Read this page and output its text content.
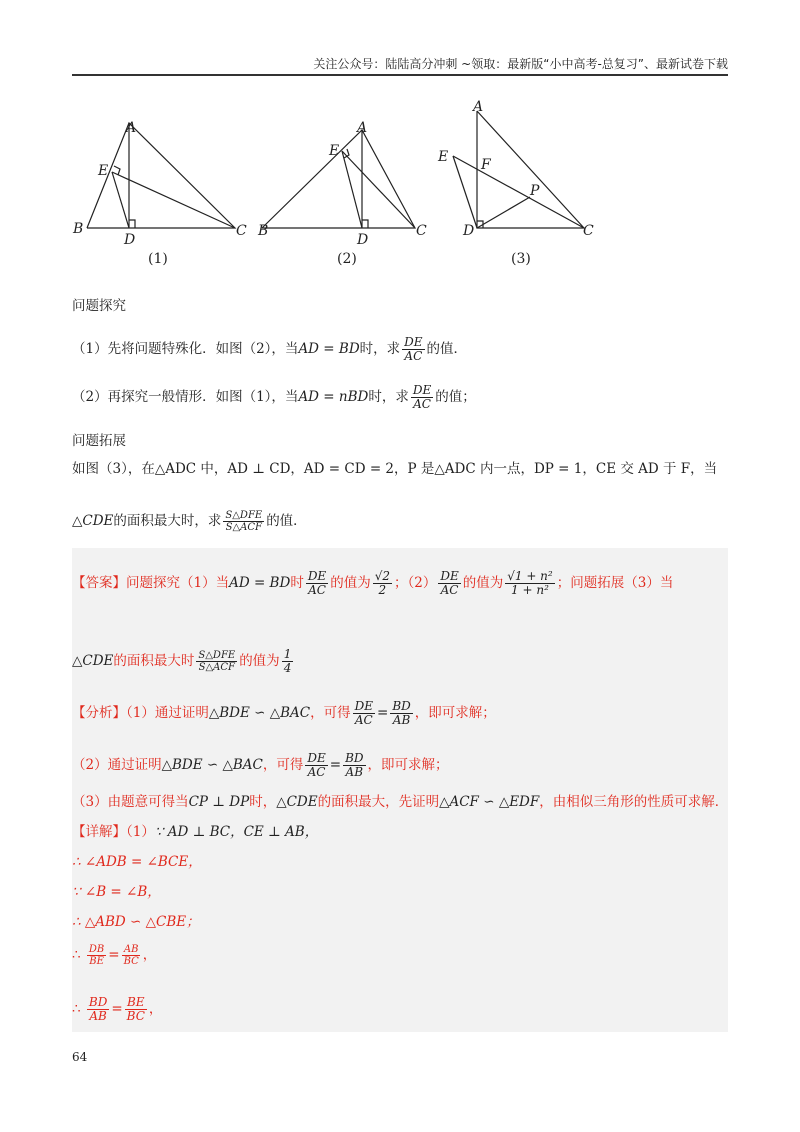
关注公众号：陆陆高分冲刺 ~领取：最新版“小中高考-总复习”、最新试卷下载
A
B	C
D
E
A
B	C
D
E
A
C
D
E F
P
(1)	(2)	(3)
问题探究
（1）先将问题特殊化．如图（2），当AD = BD时，求 $\frac{DE}{AC}$ 的值．
（2）再探究一般情形．如图（1），当AD = nBD时，求 $\frac{DE}{AC}$ 的值；
问题拓展
如图（3），在△ADC 中，AD ⊥ CD，AD = CD = 2，P 是△ADC 内一点，DP = 1，CE 交 AD 于 F，当
△CDE的面积最大时，求 $\frac{\text{S△DFE}}{\text{S△ACF}}$ 的值．
【答案】问题探究（1）当AD = BD时 $\frac{DE}{AC}$ 的值为 $\frac{√2}{2}$ ；$(2) \frac{DE}{AC}$ 的值为 $\frac{\text{√1 + n²}}{\text{1 + n²}}$ ；问题拓展（3）当
△CDE的面积最大时 $\frac{\text{S△DFE}}{\text{S△ACF}}$ 的值为 $\frac{1}{4}$
【分析】（1）通过证明△BDE ∽ △BAC，可得 $\frac{DE}{AC} = \frac{BD}{AB}$ ，即可求解；
（2）通过证明△BDE ∽ △BAC，可得 $\frac{DE}{AC} = \frac{BD}{AB}$ ，即可求解；
（3）由题意可得当CP ⊥ DP时，△CDE的面积最大，先证明△ACF ∽ △EDF，由相似三角形的性质可求解．
【详解】（1）∵ AD ⊥ BC，CE ⊥ AB，
∴ ∠ADB = ∠BCE，
∵ ∠B = ∠B，
∴ △ABD ∽ △CBE；
∴ $\frac{DB}{BE} = \frac{AB}{BC}$ ，
∴ $\frac{BD}{AB} = \frac{BE}{BC}$ ，
64
